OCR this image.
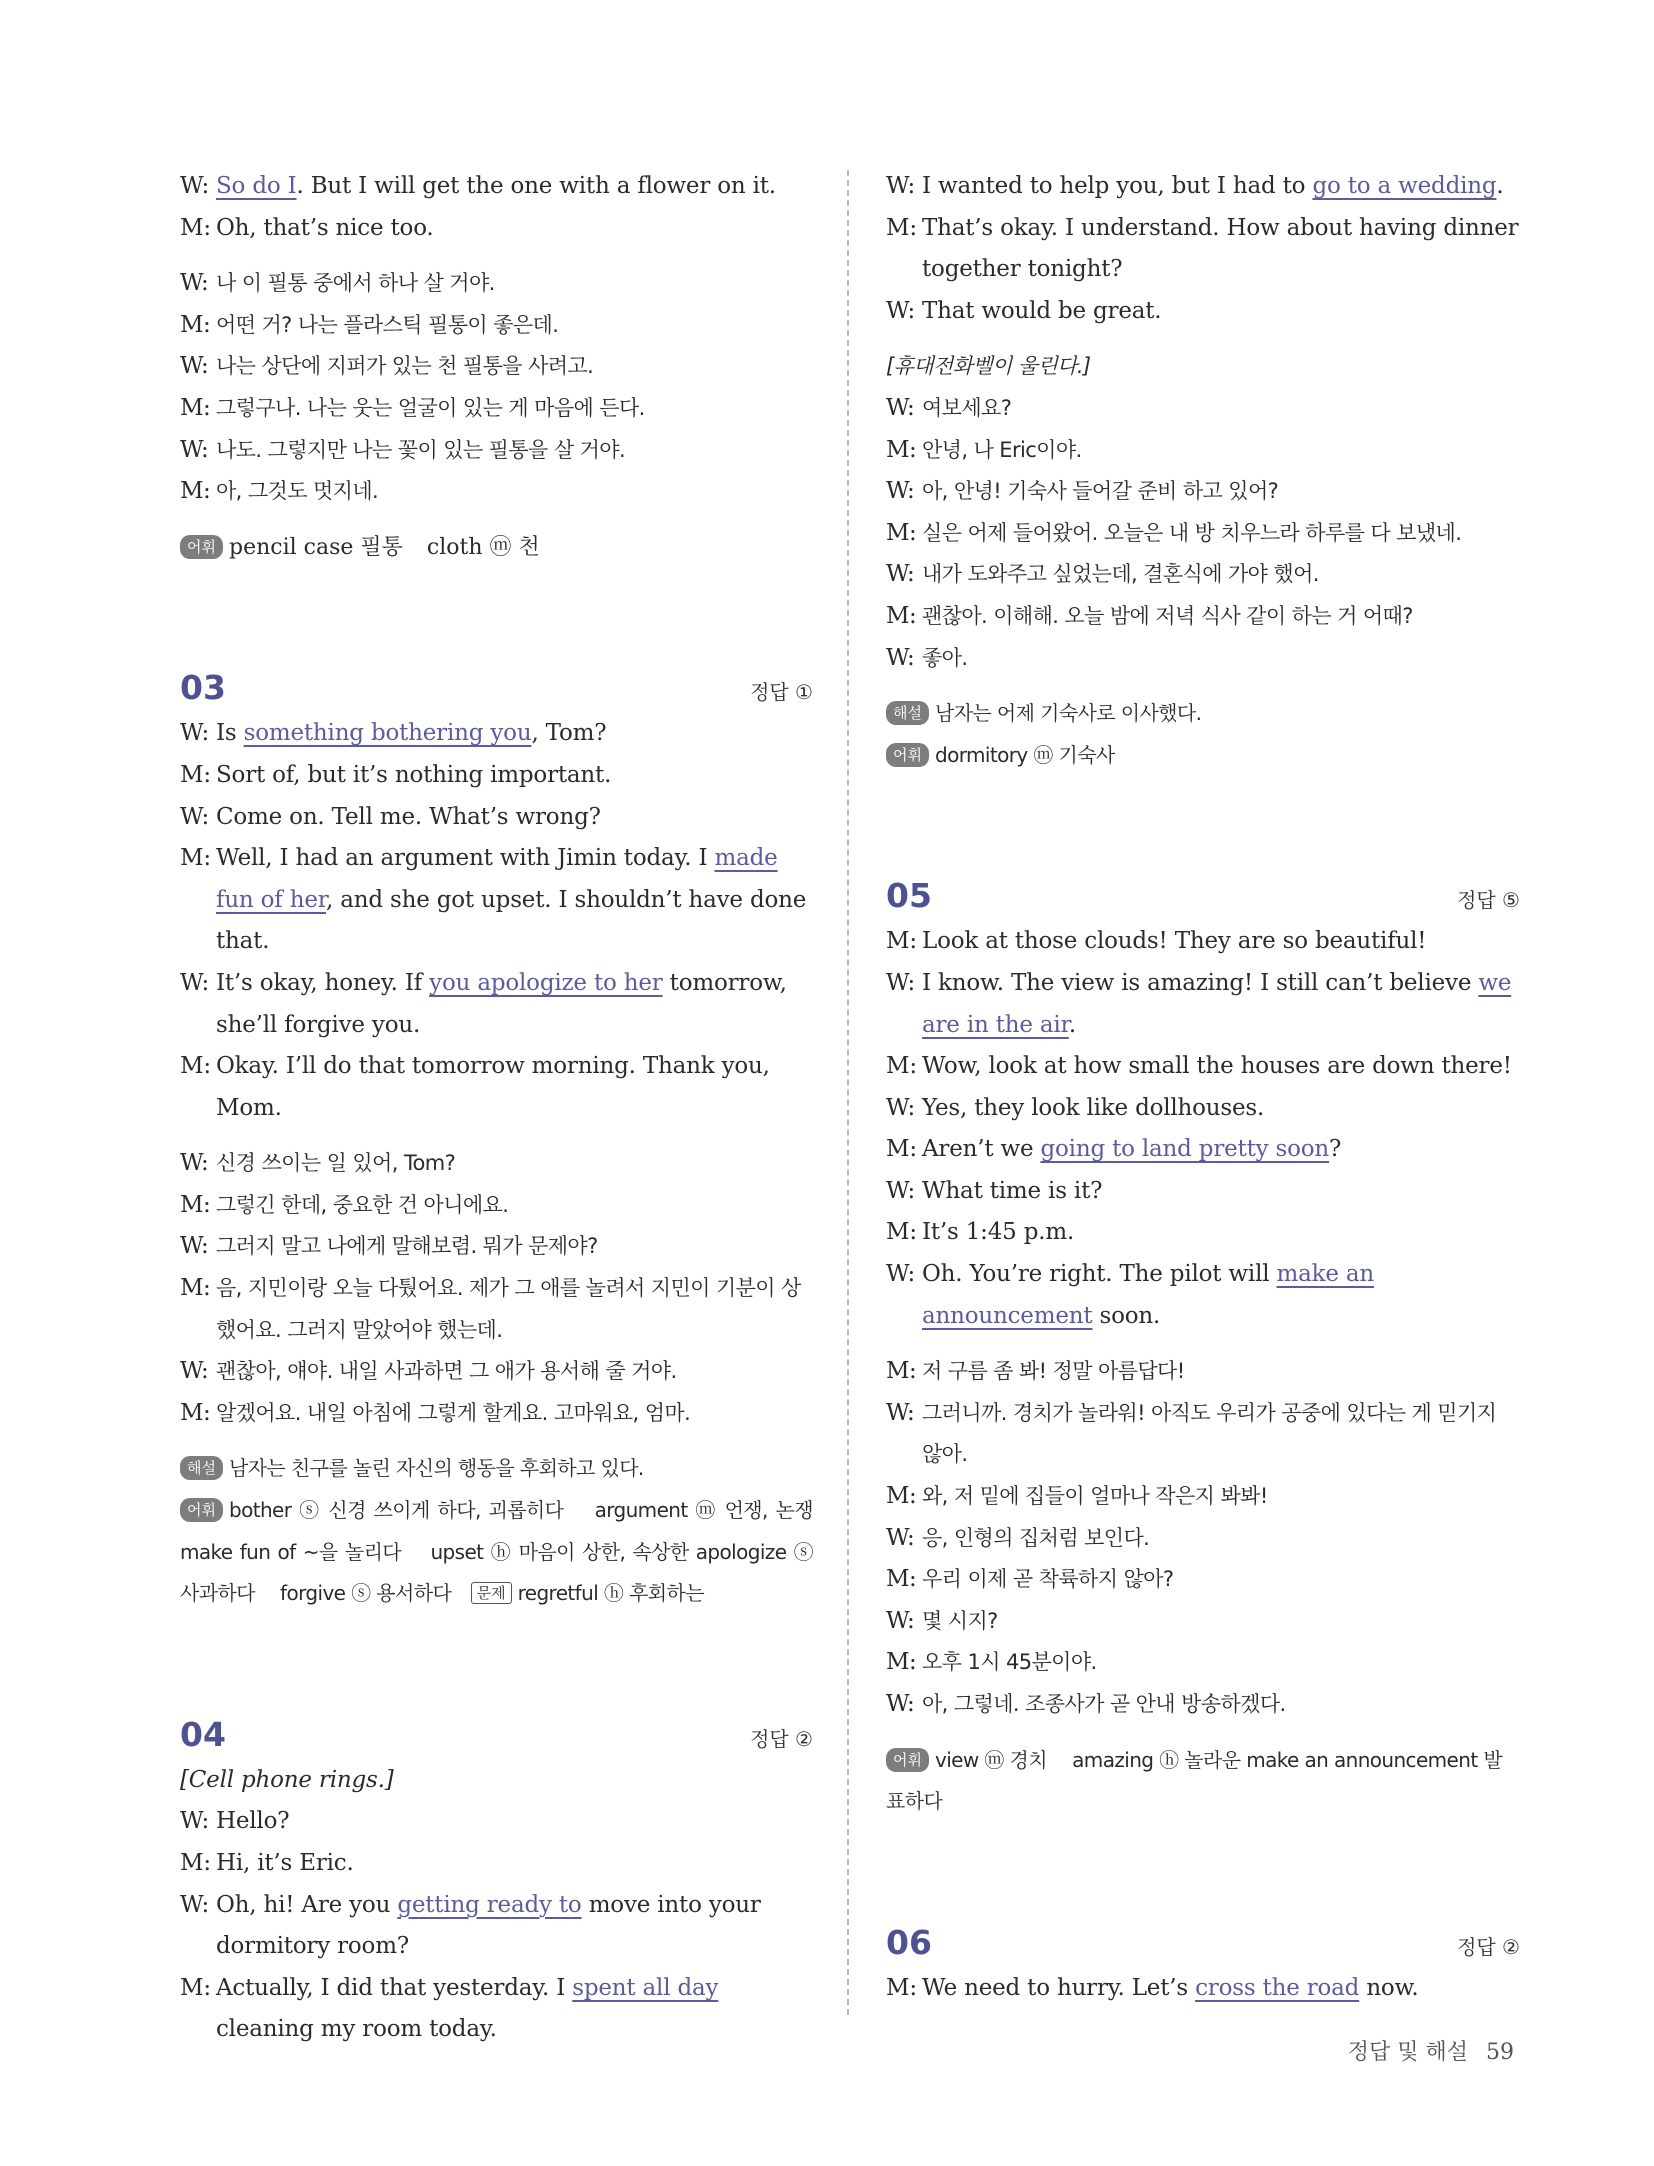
W: So do I. But I will get the one with a flower on it.

M: Oh, that’s nice too.

W: 나 이 필통 중에서 하나 살 거야.

M: 어떤 거? 나는 플라스틱 필통이 좋은데.

W: 나는 상단에 지퍼가 있는 천 필통을 사려고.

M: 그렇구나. 나는 웃는 얼굴이 있는 게 마음에 든다.

W: 나도. 그렇지만 나는 꽃이 있는 필통을 살 거야.

M: 아, 그것도 멋지네.

어휘 pencil case 필통 cloth ⓜ 천

03	정답 ①

W: Is something bothering you, Tom?

M: Sort of, but it’s nothing important.

W: Come on. Tell me. What’s wrong?

M: Well, I had an argument with Jimin today. I made fun of her, and she got upset. I shouldn’t have done that.

W: It’s okay, honey. If you apologize to her tomorrow, she’ll forgive you.

M: Okay. I’ll do that tomorrow morning. Thank you, Mom.

W: 신경 쓰이는 일 있어, Tom?

M: 그렇긴 한데, 중요한 건 아니에요.

W: 그러지 말고 나에게 말해보렴. 뭐가 문제야?

M: 음, 지민이랑 오늘 다퉜어요. 제가 그 애를 놀려서 지민이 기분이 상했어요. 그러지 말았어야 했는데.

W: 괜찮아, 얘야. 내일 사과하면 그 애가 용서해 줄 거야.

M: 알겠어요. 내일 아침에 그렇게 할게요. 고마워요, 엄마.

해설 남자는 친구를 놀린 자신의 행동을 후회하고 있다.

어휘 bother ⓢ 신경 쓰이게 하다, 괴롭히다　 argument ⓜ 언쟁, 논쟁　 make fun of ~을 놀리다　 upset ⓗ 마음이 상한, 속상한 apologize ⓢ 사과하다　 forgive ⓢ 용서하다　문제 regretful ⓗ 후회하는

04	정답 ②

[Cell phone rings.]

W: Hello?

M: Hi, it’s Eric.

W: Oh, hi! Are you getting ready to move into your dormitory room?

M: Actually, I did that yesterday. I spent all day cleaning my room today.

W: I wanted to help you, but I had to go to a wedding.

M: That’s okay. I understand. How about having dinner together tonight?

W: That would be great.

[휴대전화벨이 울린다.]

W: 여보세요?

M: 안녕, 나 Eric이야.

W: 아, 안녕! 기숙사 들어갈 준비 하고 있어?

M: 실은 어제 들어왔어. 오늘은 내 방 치우느라 하루를 다 보냈네.

W: 내가 도와주고 싶었는데, 결혼식에 가야 했어.

M: 괜찮아. 이해해. 오늘 밤에 저녁 식사 같이 하는 거 어때?

W: 좋아.

해설 남자는 어제 기숙사로 이사했다.

어휘 dormitory ⓜ 기숙사

05	정답 ⑤

M: Look at those clouds! They are so beautiful!

W: I know. The view is amazing! I still can’t believe we are in the air.

M: Wow, look at how small the houses are down there!

W: Yes, they look like dollhouses.

M: Aren’t we going to land pretty soon?

W: What time is it?

M: It’s 1:45 p.m.

W: Oh. You’re right. The pilot will make an announcement soon.

M: 저 구름 좀 봐! 정말 아름답다!

W: 그러니까. 경치가 놀라워! 아직도 우리가 공중에 있다는 게 믿기지 않아.

M: 와, 저 밑에 집들이 얼마나 작은지 봐봐!

W: 응, 인형의 집처럼 보인다.

M: 우리 이제 곧 착륙하지 않아?

W: 몇 시지?

M: 오후 1시 45분이야.

W: 아, 그렇네. 조종사가 곧 안내 방송하겠다.

어휘 view ⓜ 경치　 amazing ⓗ 놀라운 make an announcement 발표하다

06	정답 ②

M: We need to hurry. Let’s cross the road now.

정답 및 해설 59
